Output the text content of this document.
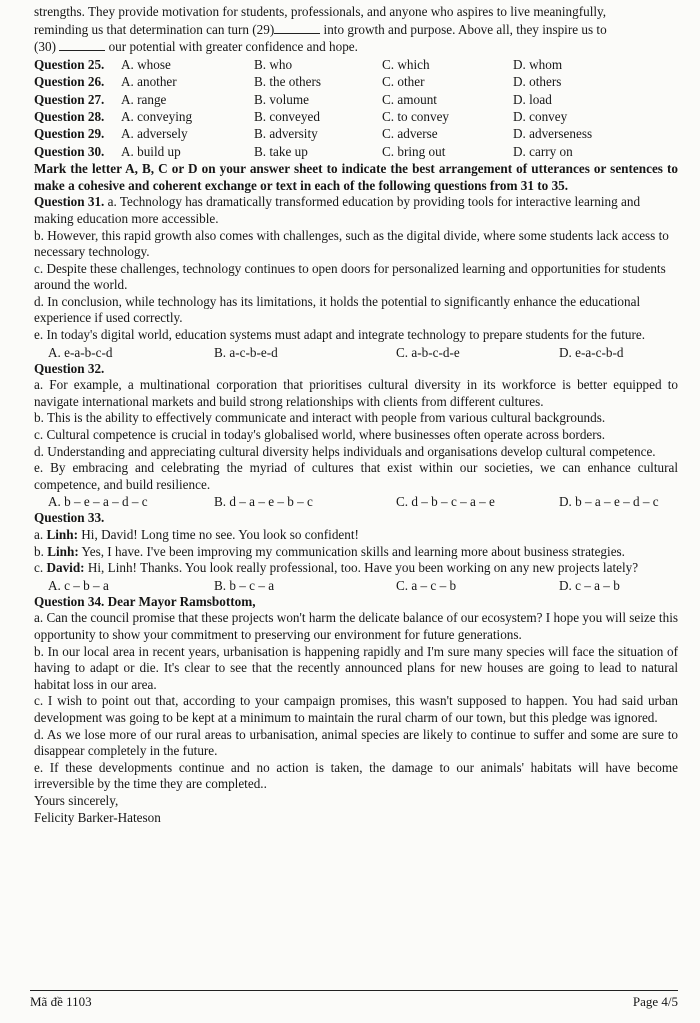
strengths. They provide motivation for students, professionals, and anyone who aspires to live meaningfully,

reminding us that determination can turn (29)	into growth and purpose. Above all, they inspire us to

(30)	our potential with greater confidence and hope.

Question 25.	A. whose	B. who	C. which	D. whom
Question 26.	A. another	B. the others	C. other	D. others
Question 27.	A. range	B. volume	C. amount	D. load
Question 28.	A. conveying	B. conveyed	C. to convey	D. convey
Question 29.	A. adversely	B. adversity	C. adverse	D. adverseness
Question 30.	A. build up	B. take up	C. bring out	D. carry on

Mark the letter A, B, C or D on your answer sheet to indicate the best arrangement of utterances or sentences to make a cohesive and coherent exchange or text in each of the following questions from 31 to 35.

Question 31. a. Technology has dramatically transformed education by providing tools for interactive learning and making education more accessible.

b. However, this rapid growth also comes with challenges, such as the digital divide, where some students lack access to necessary technology.

c. Despite these challenges, technology continues to open doors for personalized learning and opportunities for students around the world.

d. In conclusion, while technology has its limitations, it holds the potential to significantly enhance the educational experience if used correctly.

e. In today's digital world, education systems must adapt and integrate technology to prepare students for the future.

A. e-a-b-c-d	B. a-c-b-e-d	C. a-b-c-d-e	D. e-a-c-b-d

Question 32.

a. For example, a multinational corporation that prioritises cultural diversity in its workforce is better equipped to navigate international markets and build strong relationships with clients from different cultures.

b. This is the ability to effectively communicate and interact with people from various cultural backgrounds.

c. Cultural competence is crucial in today's globalised world, where businesses often operate across borders.

d. Understanding and appreciating cultural diversity helps individuals and organisations develop cultural competence.

e. By embracing and celebrating the myriad of cultures that exist within our societies, we can enhance cultural competence, and build resilience.

A. b – e – a – d – c	B. d – a – e – b – c	C. d – b – c – a – e	D. b – a – e – d – c

Question 33.

a. Linh: Hi, David! Long time no see. You look so confident!

b. Linh: Yes, I have. I've been improving my communication skills and learning more about business strategies.

c. David: Hi, Linh! Thanks. You look really professional, too. Have you been working on any new projects lately?

A. c – b – a	B. b – c – a	C. a – c – b	D. c – a – b

Question 34. Dear Mayor Ramsbottom,

a. Can the council promise that these projects won't harm the delicate balance of our ecosystem? I hope you will seize this opportunity to show your commitment to preserving our environment for future generations.

b. In our local area in recent years, urbanisation is happening rapidly and I'm sure many species will face the situation of having to adapt or die. It's clear to see that the recently announced plans for new houses are going to lead to natural habitat loss in our area.

c. I wish to point out that, according to your campaign promises, this wasn't supposed to happen. You had said urban development was going to be kept at a minimum to maintain the rural charm of our town, but this pledge was ignored.

d. As we lose more of our rural areas to urbanisation, animal species are likely to continue to suffer and some are sure to disappear completely in the future.

e. If these developments continue and no action is taken, the damage to our animals' habitats will have become irreversible by the time they are completed..

Yours sincerely,

Felicity Barker-Hateson

Mã đề 1103	Page 4/5
